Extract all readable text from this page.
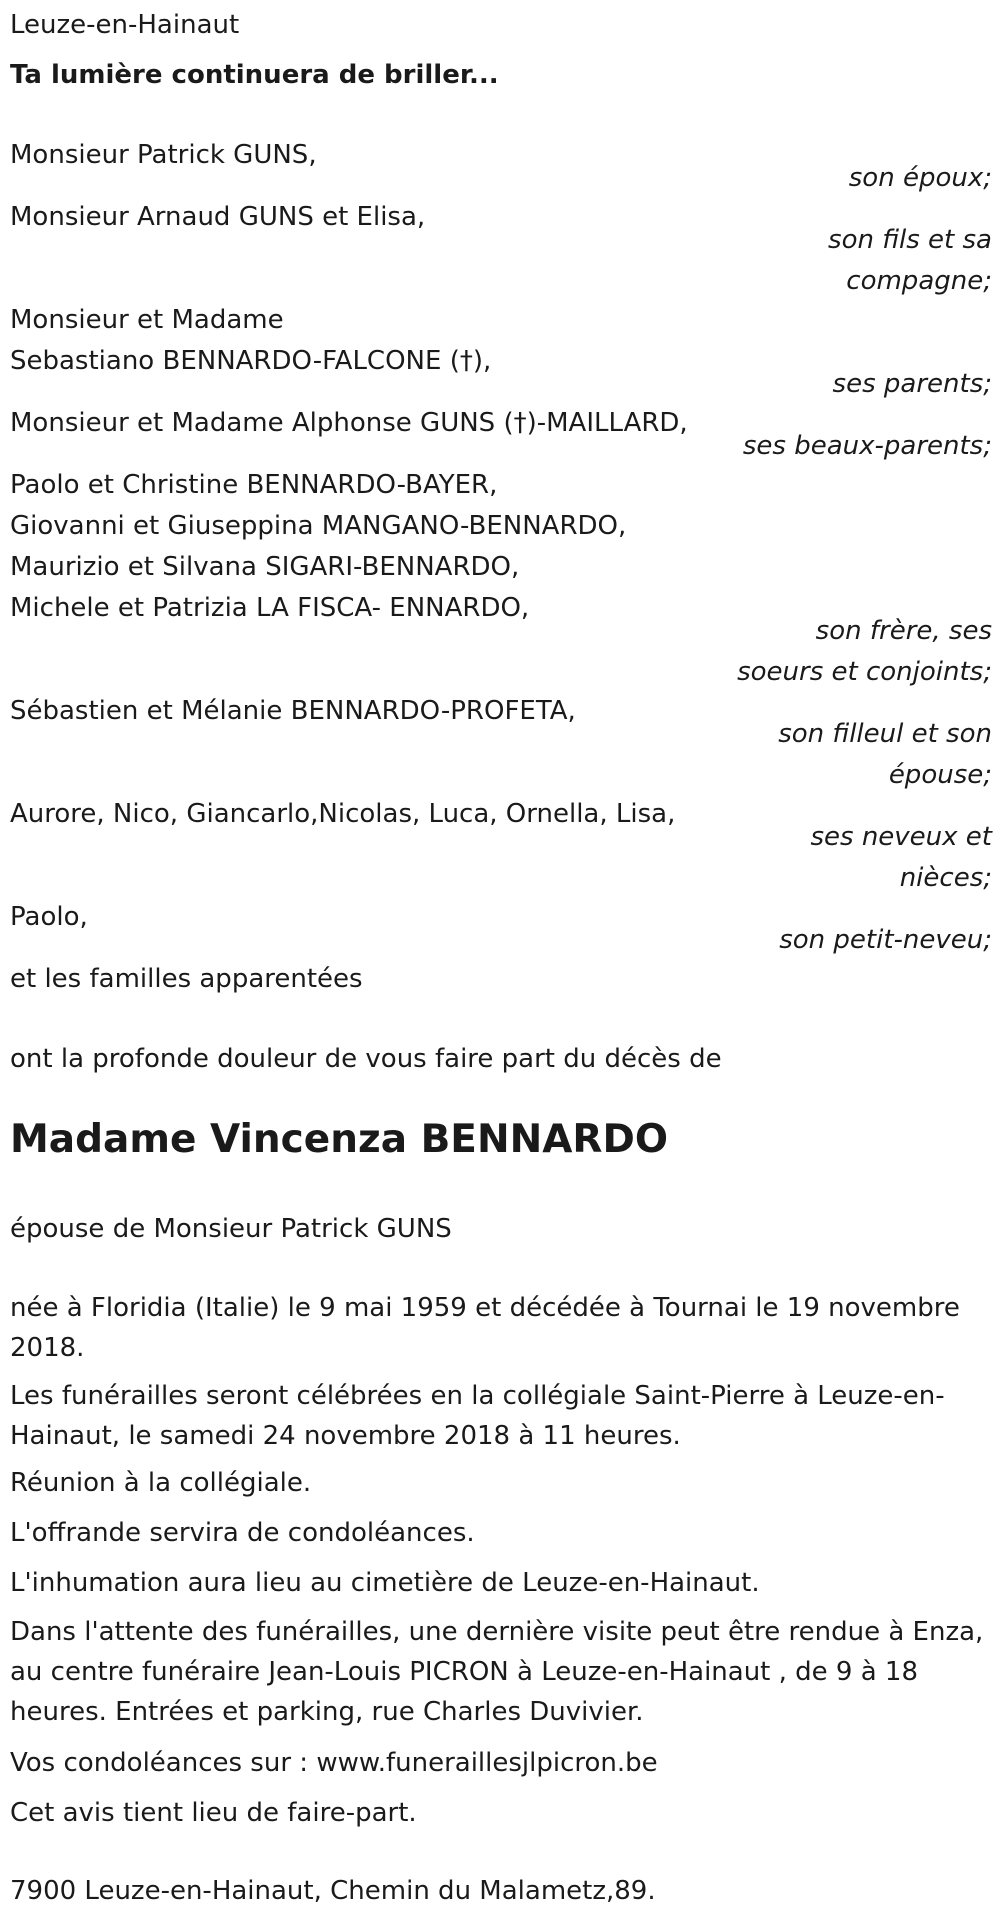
Leuze-en-Hainaut
Ta lumière continuera de briller...
Monsieur Patrick GUNS,
son époux;
Monsieur Arnaud GUNS et Elisa,
son fils et sa
compagne;
Monsieur et Madame
Sebastiano BENNARDO-FALCONE (†),
ses parents;
Monsieur et Madame Alphonse GUNS (†)-MAILLARD,
ses beaux-parents;
Paolo et Christine BENNARDO-BAYER,
Giovanni et Giuseppina MANGANO-BENNARDO,
Maurizio et Silvana SIGARI-BENNARDO,
Michele et Patrizia LA FISCA- ENNARDO,
son frère, ses
soeurs et conjoints;
Sébastien et Mélanie BENNARDO-PROFETA,
son filleul et son
épouse;
Aurore, Nico, Giancarlo,Nicolas, Luca, Ornella, Lisa,
ses neveux et
nièces;
Paolo,
son petit-neveu;
et les familles apparentées
ont la profonde douleur de vous faire part du décès de
Madame Vincenza BENNARDO
épouse de Monsieur Patrick GUNS
née à Floridia (Italie) le 9 mai 1959 et décédée à Tournai le 19 novembre 2018.
Les funérailles seront célébrées en la collégiale Saint-Pierre à Leuze-en-Hainaut, le samedi 24 novembre 2018 à 11 heures.
Réunion à la collégiale.
L'offrande servira de condoléances.
L'inhumation aura lieu au cimetière de Leuze-en-Hainaut.
Dans l'attente des funérailles, une dernière visite peut être rendue à Enza, au centre funéraire Jean-Louis PICRON à Leuze-en-Hainaut , de 9 à 18 heures. Entrées et parking, rue Charles Duvivier.
Vos condoléances sur : www.funeraillesjlpicron.be
Cet avis tient lieu de faire-part.
7900 Leuze-en-Hainaut, Chemin du Malametz,89.
